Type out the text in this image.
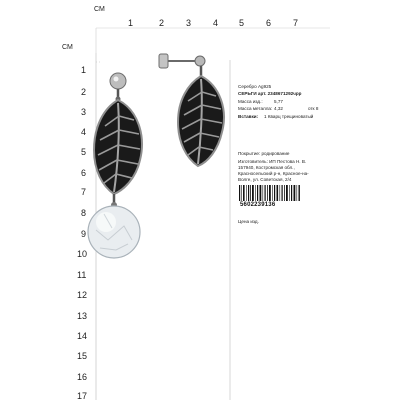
СМ
СМ
1	2 3 4 5 6 7
1
2
3
4
5
6
7
8
9
10
11
12
13
14
15
16
17
Серебро Ag925
СЕРЬГИ арт. 2348671292чрр
Масса изд.: 5,77
Масса металла: 4,32	отк 8
Вставки: 1 Кварц трещиноватый
Покрытие: родирование
Изготовитель: ИП Пестова Н. В.
157940, Костромская обл.,
Красносельский р-н, Красное-на-
Волге, ул. Советская, 2/4
5602239136
Цена изд.
